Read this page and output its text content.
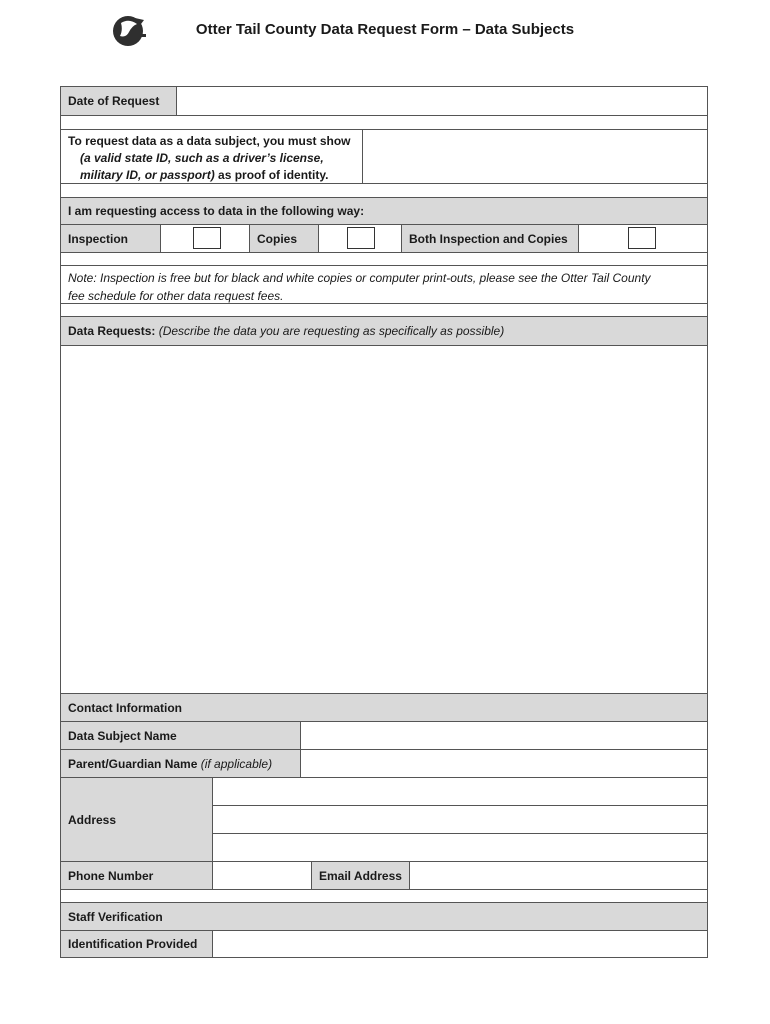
Otter Tail County Data Request Form – Data Subjects
Date of Request
To request data as a data subject, you must show
(a valid state ID, such as a driver’s license,
military ID, or passport) as proof of identity.
I am requesting access to data in the following way:
Inspection	Copies	Both Inspection and Copies
Note: Inspection is free but for black and white copies or computer print-outs, please see the Otter Tail County
fee schedule for other data request fees.
Data Requests:
(Describe the data you are requesting as specifically as possible)
Contact Information
Data Subject Name
Parent/Guardian Name
(if applicable)
Address
Phone Number	Email Address
Staff Verification
Identification Provided
